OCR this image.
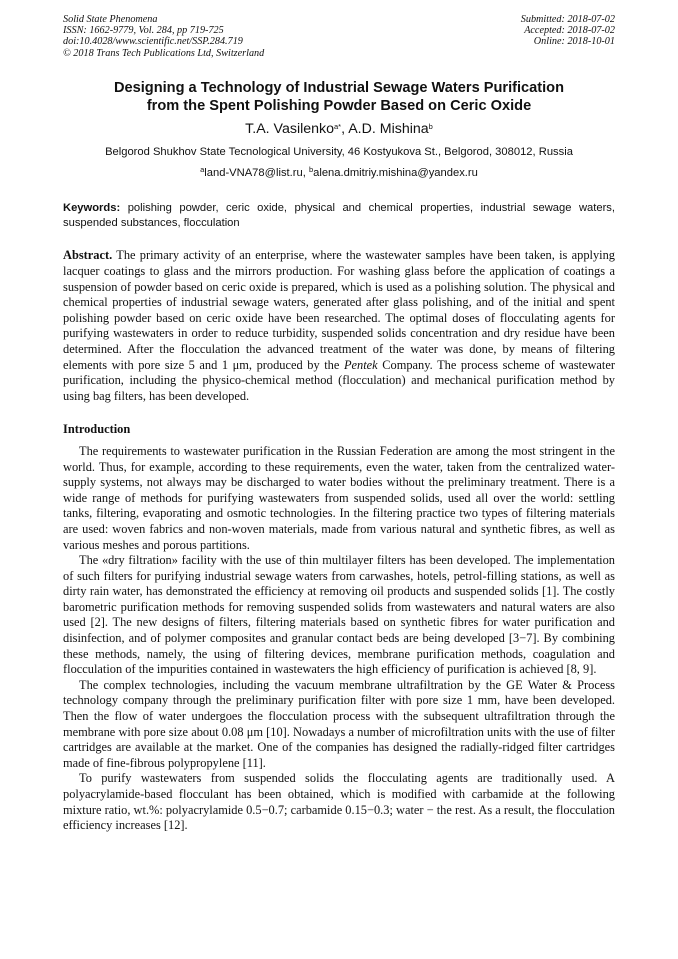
Solid State Phenomena
ISSN: 1662-9779, Vol. 284, pp 719-725
doi:10.4028/www.scientific.net/SSP.284.719
© 2018 Trans Tech Publications Ltd, Switzerland
Submitted: 2018-07-02
Accepted: 2018-07-02
Online: 2018-10-01
Designing a Technology of Industrial Sewage Waters Purification
from the Spent Polishing Powder Based on Ceric Oxide
T.A. Vasilenko$^{a*}$, A.D. Mishina$^b$
Belgorod Shukhov State Tecnological University, 46 Kostyukova St., Belgorod, 308012, Russia
$^a$land-VNA78@list.ru, $^b$alena.dmitriy.mishina@yandex.ru
Keywords: polishing powder, ceric oxide, physical and chemical properties, industrial sewage waters, suspended substances, flocculation
Abstract. The primary activity of an enterprise, where the wastewater samples have been taken, is applying lacquer coatings to glass and the mirrors production. For washing glass before the application of coatings a suspension of powder based on ceric oxide is prepared, which is used as a polishing solution. The physical and chemical properties of industrial sewage waters, generated after glass polishing, and of the initial and spent polishing powder based on ceric oxide have been researched. The optimal doses of flocculating agents for purifying wastewaters in order to reduce turbidity, suspended solids concentration and dry residue have been determined. After the flocculation the advanced treatment of the water was done, by means of filtering elements with pore size 5 and 1 μm, produced by the Pentek Company. The process scheme of wastewater purification, including the physico-chemical method (flocculation) and mechanical purification method by using bag filters, has been developed.
Introduction

The requirements to wastewater purification in the Russian Federation are among the most stringent in the world. Thus, for example, according to these requirements, even the water, taken from the centralized water-supply systems, not always may be discharged to water bodies without the preliminary treatment. There is a wide range of methods for purifying wastewaters from suspended solids, used all over the world: settling tanks, filtering, evaporating and osmotic technologies. In the filtering practice two types of filtering materials are used: woven fabrics and non-woven materials, made from various natural and synthetic fibres, as well as various meshes and porous partitions.

The «dry filtration» facility with the use of thin multilayer filters has been developed. The implementation of such filters for purifying industrial sewage waters from carwashes, hotels, petrol-filling stations, as well as dirty rain water, has demonstrated the efficiency at removing oil products and suspended solids [1]. The costly barometric purification methods for removing suspended solids from wastewaters and natural waters are also used [2]. The new designs of filters, filtering materials based on synthetic fibres for water purification and disinfection, and of polymer composites and granular contact beds are being developed [3−7]. By combining these methods, namely, the using of filtering devices, membrane purification methods, coagulation and flocculation of the impurities contained in wastewaters the high efficiency of purification is achieved [8, 9].

The complex technologies, including the vacuum membrane ultrafiltration by the GE Water & Process technology company through the preliminary purification filter with pore size 1 mm, have been developed. Then the flow of water undergoes the flocculation process with the subsequent ultrafiltration through the membrane with pore size about 0.08 μm [10]. Nowadays a number of microfiltration units with the use of filter cartridges are available at the market. One of the companies has designed the radially-ridged filter cartridges made of fine-fibrous polypropylene [11].

To purify wastewaters from suspended solids the flocculating agents are traditionally used. A polyacrylamide-based flocculant has been obtained, which is modified with carbamide at the following mixture ratio, wt.%: polyacrylamide 0.5−0.7; carbamide 0.15−0.3; water − the rest. As a result, the flocculation efficiency increases [12].
